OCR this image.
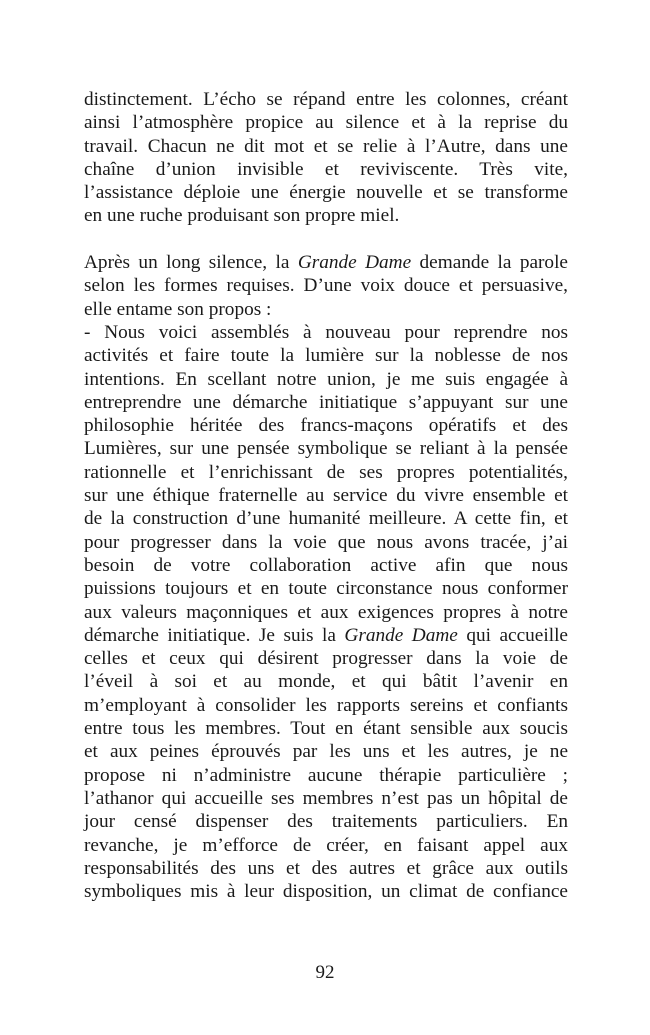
distinctement. L’écho se répand entre les colonnes, créant
ainsi l’atmosphère propice au silence et à la reprise du
travail. Chacun ne dit mot et se relie à l’Autre, dans une
chaîne d’union invisible et reviviscente. Très vite,
l’assistance déploie une énergie nouvelle et se transforme
en une ruche produisant son propre miel.
Après un long silence, la Grande Dame demande la parole
selon les formes requises. D’une voix douce et persuasive,
elle entame son propos :
- Nous voici assemblés à nouveau pour reprendre nos
activités et faire toute la lumière sur la noblesse de nos
intentions. En scellant notre union, je me suis engagée à
entreprendre une démarche initiatique s’appuyant sur une
philosophie héritée des francs-maçons opératifs et des
Lumières, sur une pensée symbolique se reliant à la pensée
rationnelle et l’enrichissant de ses propres potentialités,
sur une éthique fraternelle au service du vivre ensemble et
de la construction d’une humanité meilleure. A cette fin, et
pour progresser dans la voie que nous avons tracée, j’ai
besoin de votre collaboration active afin que nous
puissions toujours et en toute circonstance nous conformer
aux valeurs maçonniques et aux exigences propres à notre
démarche initiatique. Je suis la Grande Dame qui accueille
celles et ceux qui désirent progresser dans la voie de
l’éveil à soi et au monde, et qui bâtit l’avenir en
m’employant à consolider les rapports sereins et confiants
entre tous les membres. Tout en étant sensible aux soucis
et aux peines éprouvés par les uns et les autres, je ne
propose ni n’administre aucune thérapie particulière ;
l’athanor qui accueille ses membres n’est pas un hôpital de
jour censé dispenser des traitements particuliers. En
revanche, je m’efforce de créer, en faisant appel aux
responsabilités des uns et des autres et grâce aux outils
symboliques mis à leur disposition, un climat de confiance
92
